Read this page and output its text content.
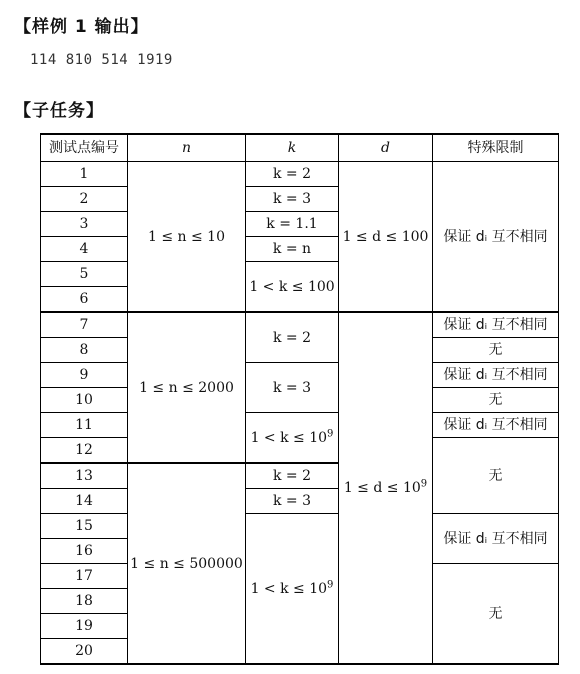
【样例 1 输出】
114 810 514 1919
【子任务】
测试点编号	n	k	d	特殊限制
1	1 ≤ n ≤ 10	k = 2	1 ≤ d ≤ 100	保证 dᵢ 互不相同
2		k = 3		
3		k = 1.1		
4		k = n		
5		1 < k ≤ 100		
6				
7	1 ≤ n ≤ 2000	k = 2	$1 \le d \le 10^9$	保证 dᵢ 互不相同
8				无
9		k = 3		保证 dᵢ 互不相同
10				无
11		$1 < k \le 10^9$		保证 dᵢ 互不相同
12				无
13	1 ≤ n ≤ 500000	k = 2		
14		k = 3		
15		$1 < k \le 10^9$		保证 dᵢ 互不相同
16				
17				无
18				
19				
20				
